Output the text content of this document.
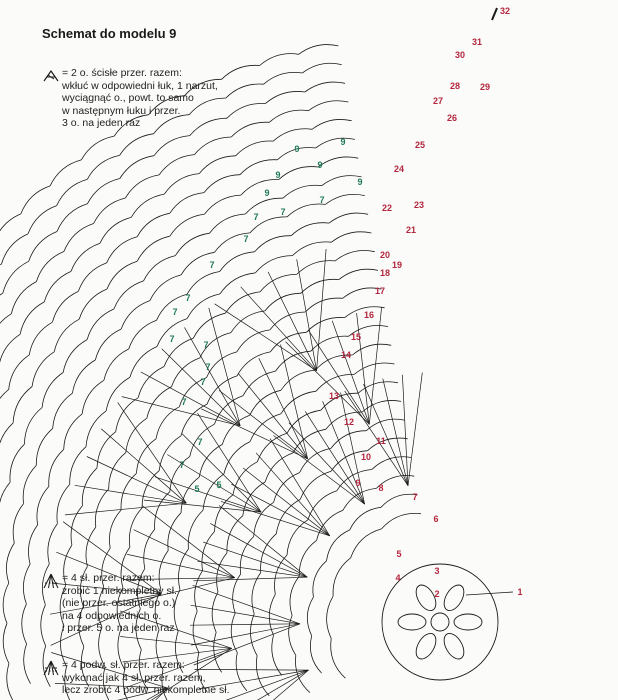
1
2
3
4
5
6
7
8
9
10
11
12
13
14
15
16
17
18
19
20
21
22 23
24
25
26
27
28 29
30
31
32
9
9
9
9
9
9
7
7
7
7
7
7
7
7
7
7
7
7
7
7
5 5
Schemat do modelu 9
= 2 o. ścisłe przer. razem:
wkłuć w odpowiedni łuk, 1 narzut,
wyciągnąć o., powt. to samo
w następnym łuku i przer.
3 o. na jeden raz
= 4 sł. przer. razem:
zrobić 1 niekompletny sł.
(nie przer. ostatniego o.)
na 4 odpowiednich o.
i przer. 5 o. na jeden raz
= 4 podw. sł. przer. razem:
wykonać jak 4 sł. przer. razem,
lecz zrobić 4 podw. niekompletne sł.
